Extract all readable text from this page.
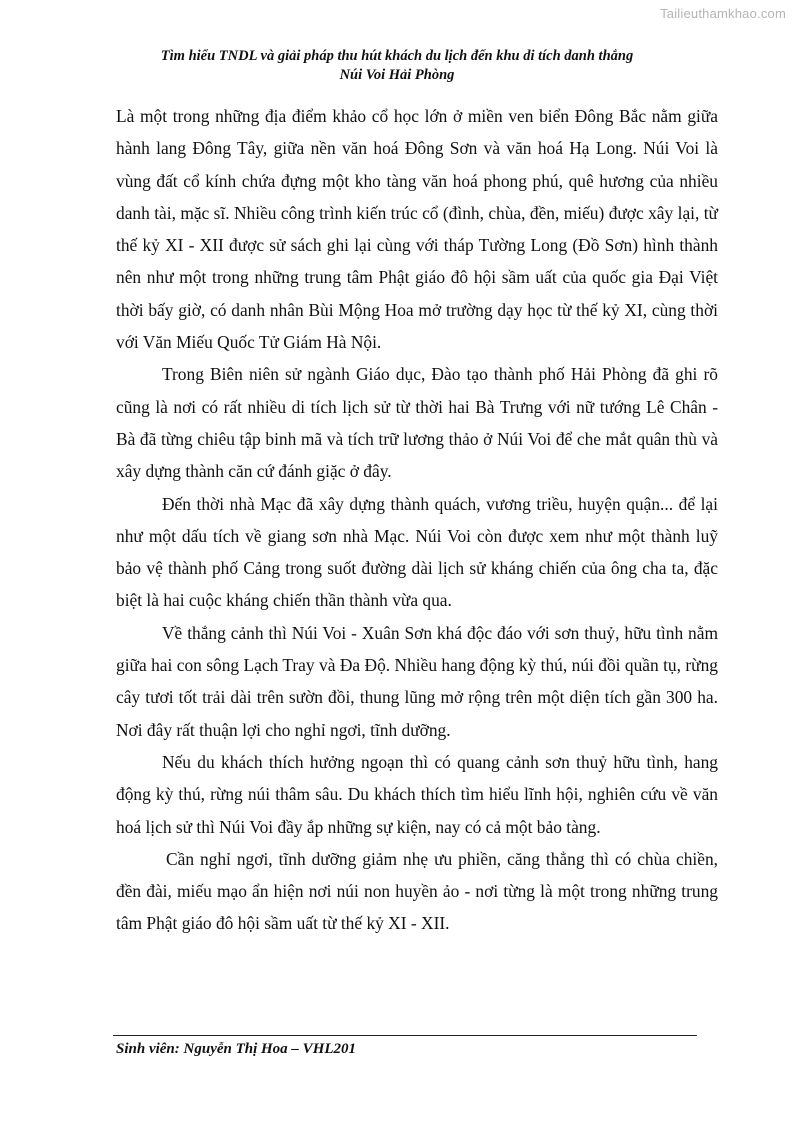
Tailieuthamkhao.com
Tìm hiểu TNDL và giải pháp thu hút khách du lịch đến khu di tích danh thắng
Núi Voi Hải Phòng

Là một trong những địa điểm khảo cổ học lớn ở miền ven biển Đông Bắc nằm giữa hành lang Đông Tây, giữa nền văn hoá Đông Sơn và văn hoá Hạ Long. Núi Voi là vùng đất cổ kính chứa đựng một kho tàng văn hoá phong phú, quê hương của nhiều danh tài, mặc sĩ. Nhiều công trình kiến trúc cổ (đình, chùa, đền, miếu) được xây lại, từ thế kỷ XI - XII được sử sách ghi lại cùng với tháp Tường Long (Đồ Sơn) hình thành nên như một trong những trung tâm Phật giáo đô hội sầm uất của quốc gia Đại Việt thời bấy giờ, có danh nhân Bùi Mộng Hoa mở trường dạy học từ thế kỷ XI, cùng thời với Văn Miếu Quốc Tử Giám Hà Nội.

Trong Biên niên sử ngành Giáo dục, Đào tạo thành phố Hải Phòng đã ghi rõ cũng là nơi có rất nhiều di tích lịch sử từ thời hai Bà Trưng với nữ tướng Lê Chân - Bà đã từng chiêu tập binh mã và tích trữ lương thảo ở Núi Voi để che mắt quân thù và xây dựng thành căn cứ đánh giặc ở đây.

Đến thời nhà Mạc đã xây dựng thành quách, vương triều, huyện quận... để lại như một dấu tích về giang sơn nhà Mạc. Núi Voi còn được xem như một thành luỹ bảo vệ thành phố Cảng trong suốt đường dài lịch sử kháng chiến của ông cha ta, đặc biệt là hai cuộc kháng chiến thần thành vừa qua.

Về thắng cảnh thì Núi Voi - Xuân Sơn khá độc đáo với sơn thuỷ, hữu tình nằm giữa hai con sông Lạch Tray và Đa Độ. Nhiều hang động kỳ thú, núi đồi quần tụ, rừng cây tươi tốt trải dài trên sườn đồi, thung lũng mở rộng trên một diện tích gần 300 ha. Nơi đây rất thuận lợi cho nghỉ ngơi, tĩnh dưỡng.

Nếu du khách thích hưởng ngoạn thì có quang cảnh sơn thuỷ hữu tình, hang động kỳ thú, rừng núi thâm sâu. Du khách thích tìm hiểu lĩnh hội, nghiên cứu về văn hoá lịch sử thì Núi Voi đầy ắp những sự kiện, nay có cả một bảo tàng.

Cần nghỉ ngơi, tĩnh dưỡng giảm nhẹ ưu phiền, căng thẳng thì có chùa chiền, đền đài, miếu mạo ẩn hiện nơi núi non huyền ảo - nơi từng là một trong những trung tâm Phật giáo đô hội sầm uất từ thế kỷ XI - XII.

Sinh viên: Nguyễn Thị Hoa – VHL201
